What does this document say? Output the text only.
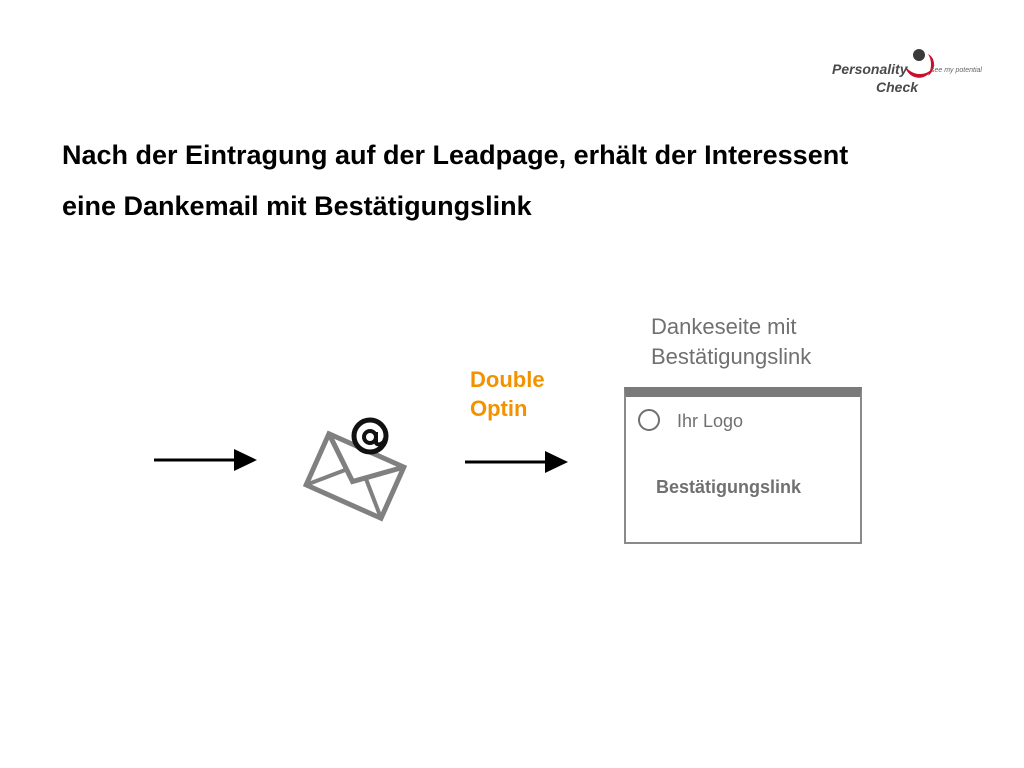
Personality	see my potential
Check
Nach der Eintragung auf der Leadpage, erhält der Interessent
eine Dankemail mit Bestätigungslink
Double
Optin
Dankeseite mit
Bestätigungslink
Ihr Logo
Bestätigungslink
